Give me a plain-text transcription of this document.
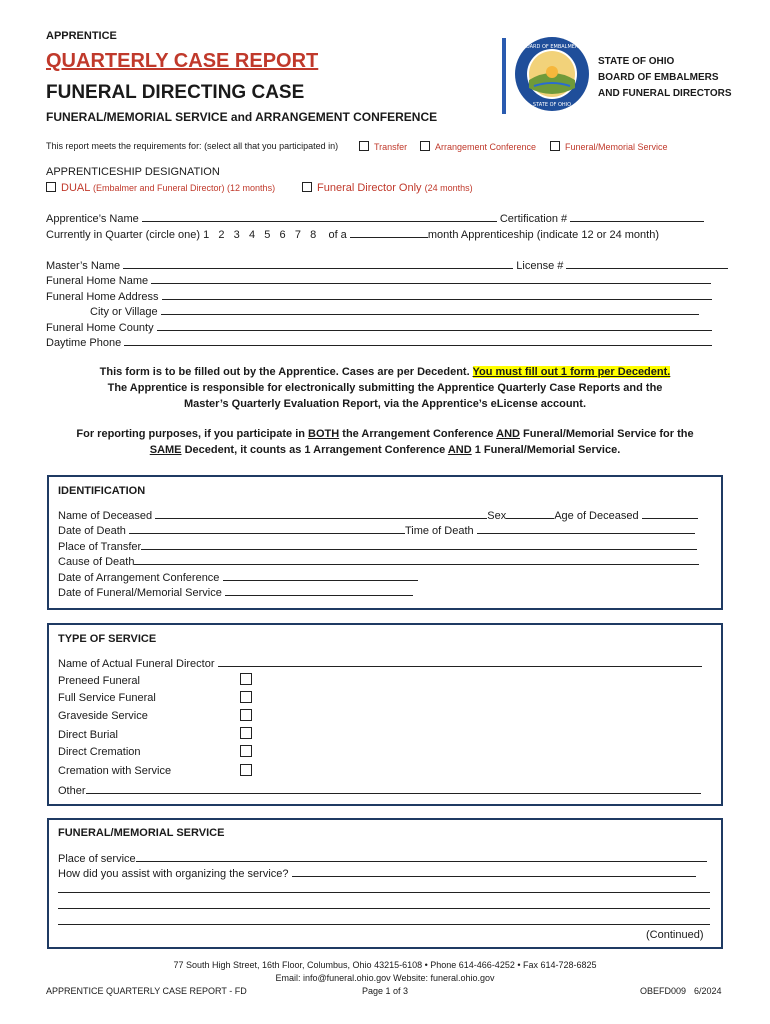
APPRENTICE
QUARTERLY CASE REPORT
FUNERAL DIRECTING CASE
FUNERAL/MEMORIAL SERVICE and ARRANGEMENT CONFERENCE
BOARD OF EMBALMERS
STATE OF OHIO
STATE OF OHIO
BOARD OF EMBALMERS
AND FUNERAL DIRECTORS
This report meets the requirements for: (select all that you participated in)	Transfer	Arrangement Conference	Funeral/Memorial Service
APPRENTICESHIP DESIGNATION
DUAL (Embalmer and Funeral Director) (12 months)	Funeral Director Only (24 months)
Apprentice’s Name	Certification #
Currently in Quarter (circle one) 1   2   3   4   5   6   7   8    of a	month Apprenticeship (indicate 12 or 24 month)
Master’s Name	License #
Funeral Home Name
Funeral Home Address
City or Village
Funeral Home County
Daytime Phone
This form is to be filled out by the Apprentice. Cases are per Decedent. You must fill out 1 form per Decedent.
The Apprentice is responsible for electronically submitting the Apprentice Quarterly Case Reports and the
Master’s Quarterly Evaluation Report, via the Apprentice’s eLicense account.
For reporting purposes, if you participate in BOTH the Arrangement Conference AND Funeral/Memorial Service for the
SAME Decedent, it counts as 1 Arrangement Conference AND 1 Funeral/Memorial Service.
IDENTIFICATION
Name of Deceased	Sex	Age of Deceased
Date of Death	Time of Death
Place of Transfer
Cause of Death
Date of Arrangement Conference
Date of Funeral/Memorial Service
TYPE OF SERVICE
Name of Actual Funeral Director
Preneed Funeral
Full Service Funeral
Graveside Service
Direct Burial
Direct Cremation
Cremation with Service
Other
FUNERAL/MEMORIAL SERVICE
Place of service
How did you assist with organizing the service?
(Continued)
77 South High Street, 16th Floor, Columbus, Ohio 43215-6108 • Phone 614-466-4252 • Fax 614-728-6825
Email: info@funeral.ohio.gov Website: funeral.ohio.gov
APPRENTICE QUARTERLY CASE REPORT - FD	Page 1 of 3	OBEFD009 6/2024
